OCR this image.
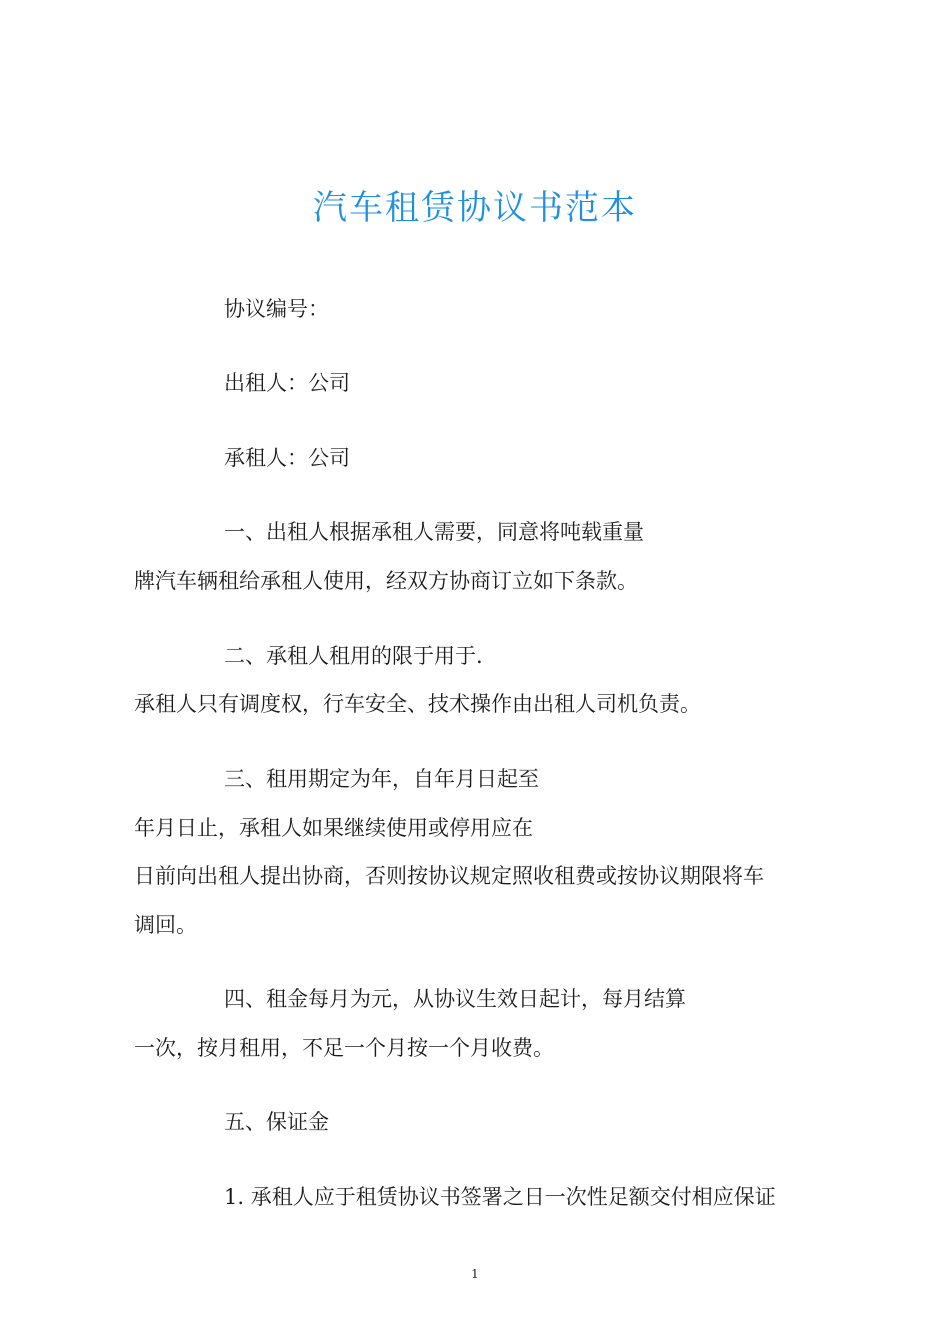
汽车租赁协议书范本
协议编号：
出租人：公司
承租人：公司
一、出租人根据承租人需要，同意将吨载重量
牌汽车辆租给承租人使用，经双方协商订立如下条款。
二、承租人租用的限于用于.
承租人只有调度权，行车安全、技术操作由出租人司机负责。
三、租用期定为年，自年月日起至
年月日止，承租人如果继续使用或停用应在
日前向出租人提出协商，否则按协议规定照收租费或按协议期限将车
调回。
四、租金每月为元，从协议生效日起计，每月结算
一次，按月租用，不足一个月按一个月收费。
五、保证金
1. 承租人应于租赁协议书签署之日一次性足额交付相应保证
1
